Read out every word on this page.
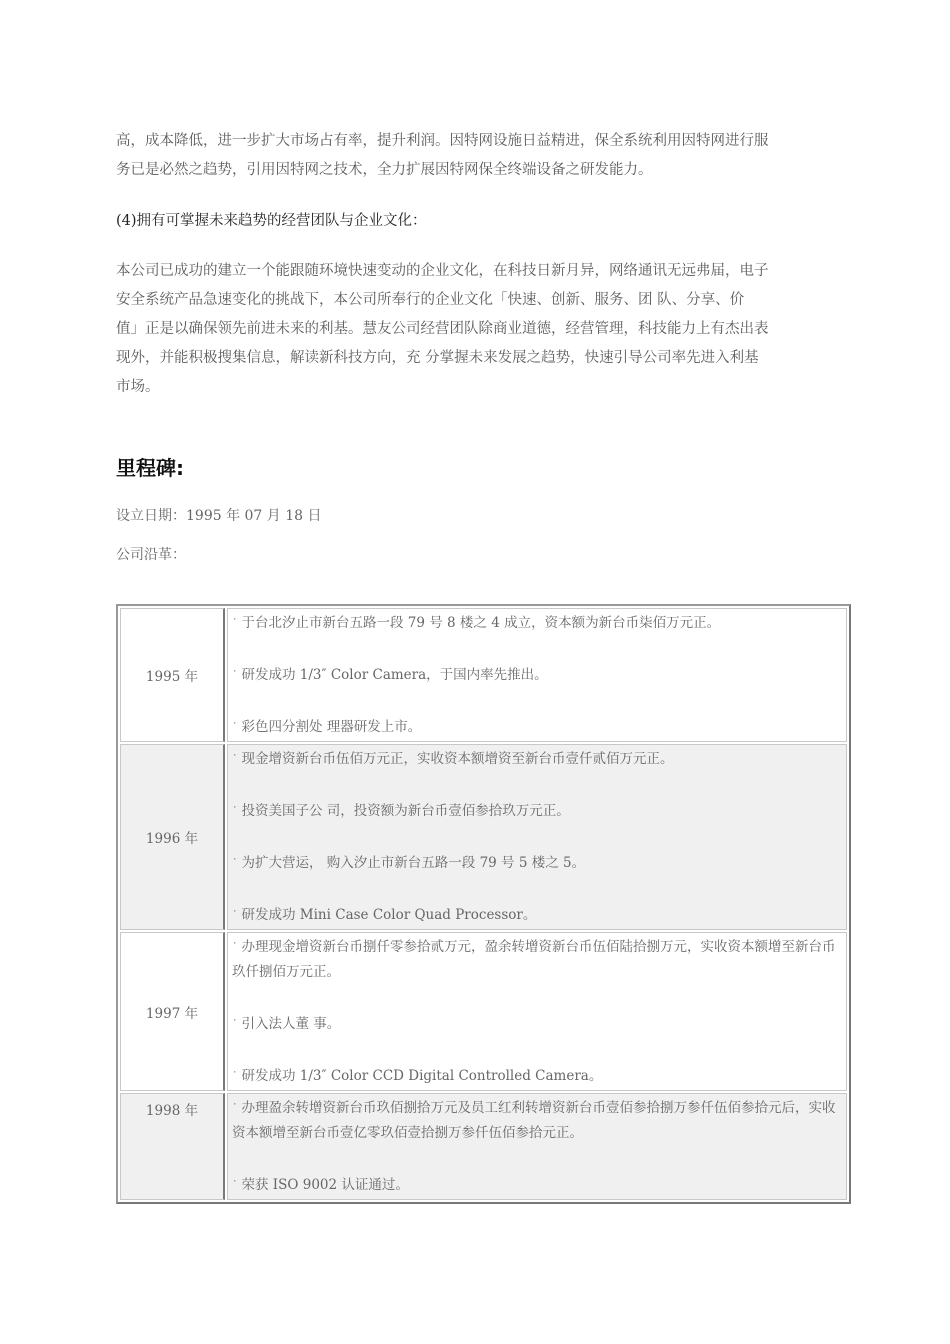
高，成本降低，进一步扩大市场占有率，提升利润。因特网设施日益精进，保全系统利用因特网进行服
务已是必然之趋势，引用因特网之技术，全力扩展因特网保全终端设备之研发能力。

(4)拥有可掌握未来趋势的经营团队与企业文化：

本公司已成功的建立一个能跟随环境快速变动的企业文化，在科技日新月异，网络通讯无远弗届，电子
安全系统产品急速变化的挑战下，本公司所奉行的企业文化「快速、创新、服务、团 队、分享、价
值」正是以确保领先前进未来的利基。慧友公司经营团队除商业道德，经营管理，科技能力上有杰出表
现外，并能积极搜集信息，解读新科技方向，充 分掌握未来发展之趋势，快速引导公司率先进入利基
市场。

里程碑:

设立日期：1995 年 07 月 18 日

公司沿革：

1995 年	˙ 于台北汐止市新台五路一段 79 号 8 楼之 4 成立，资本额为新台币柒佰万元正。

˙ 研发成功 1/3″ Color Camera，于国内率先推出。

˙ 彩色四分割处 理器研发上市。

1996 年	˙ 现金增资新台币伍佰万元正，实收资本额增资至新台币壹仟贰佰万元正。

˙ 投资美国子公 司，投资额为新台币壹佰参拾玖万元正。

˙ 为扩大营运， 购入汐止市新台五路一段 79 号 5 楼之 5。

˙ 研发成功 Mini Case Color Quad Processor。

1997 年	˙ 办理现金增资新台币捌仟零参拾贰万元，盈余转增资新台币伍佰陆拾捌万元，实收资本额增至新台币玖仟捌佰万元正。

˙ 引入法人董 事。

˙ 研发成功 1/3″ Color CCD Digital Controlled Camera。

1998 年	˙ 办理盈余转增资新台币玖佰捌拾万元及员工红利转增资新台币壹佰参拾捌万参仟伍佰参拾元后，实收资本额增至新台币壹亿零玖佰壹拾捌万参仟伍佰参拾元正。

˙ 荣获 ISO 9002 认证通过。
